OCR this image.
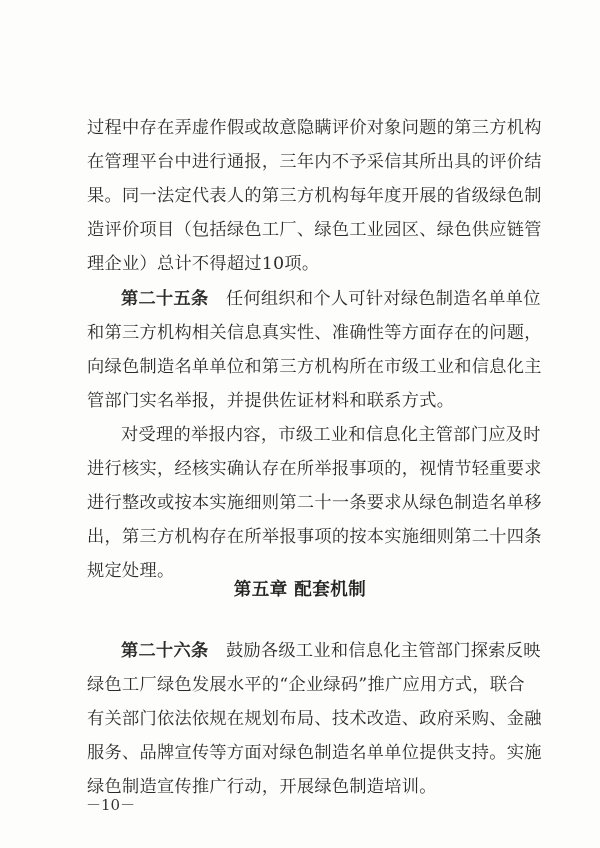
过程中存在弄虚作假或故意隐瞒评价对象问题的第三方机构
在管理平台中进行通报，三年内不予采信其所出具的评价结
果。同一法定代表人的第三方机构每年度开展的省级绿色制
造评价项目（包括绿色工厂、绿色工业园区、绿色供应链管
理企业）总计不得超过10项。
第二十五条  任何组织和个人可针对绿色制造名单单位
和第三方机构相关信息真实性、准确性等方面存在的问题，
向绿色制造名单单位和第三方机构所在市级工业和信息化主
管部门实名举报，并提供佐证材料和联系方式。
对受理的举报内容，市级工业和信息化主管部门应及时
进行核实，经核实确认存在所举报事项的，视情节轻重要求
进行整改或按本实施细则第二十一条要求从绿色制造名单移
出，第三方机构存在所举报事项的按本实施细则第二十四条
第五章 配套机制
第二十六条  鼓励各级工业和信息化主管部门探索反映
绿色工厂绿色发展水平的“企业绿码”推广应用方式，联合
有关部门依法依规在规划布局、技术改造、政府采购、金融
服务、品牌宣传等方面对绿色制造名单单位提供支持。实施
－10－
规定处理。
绿色制造宣传推广行动，开展绿色制造培训。
